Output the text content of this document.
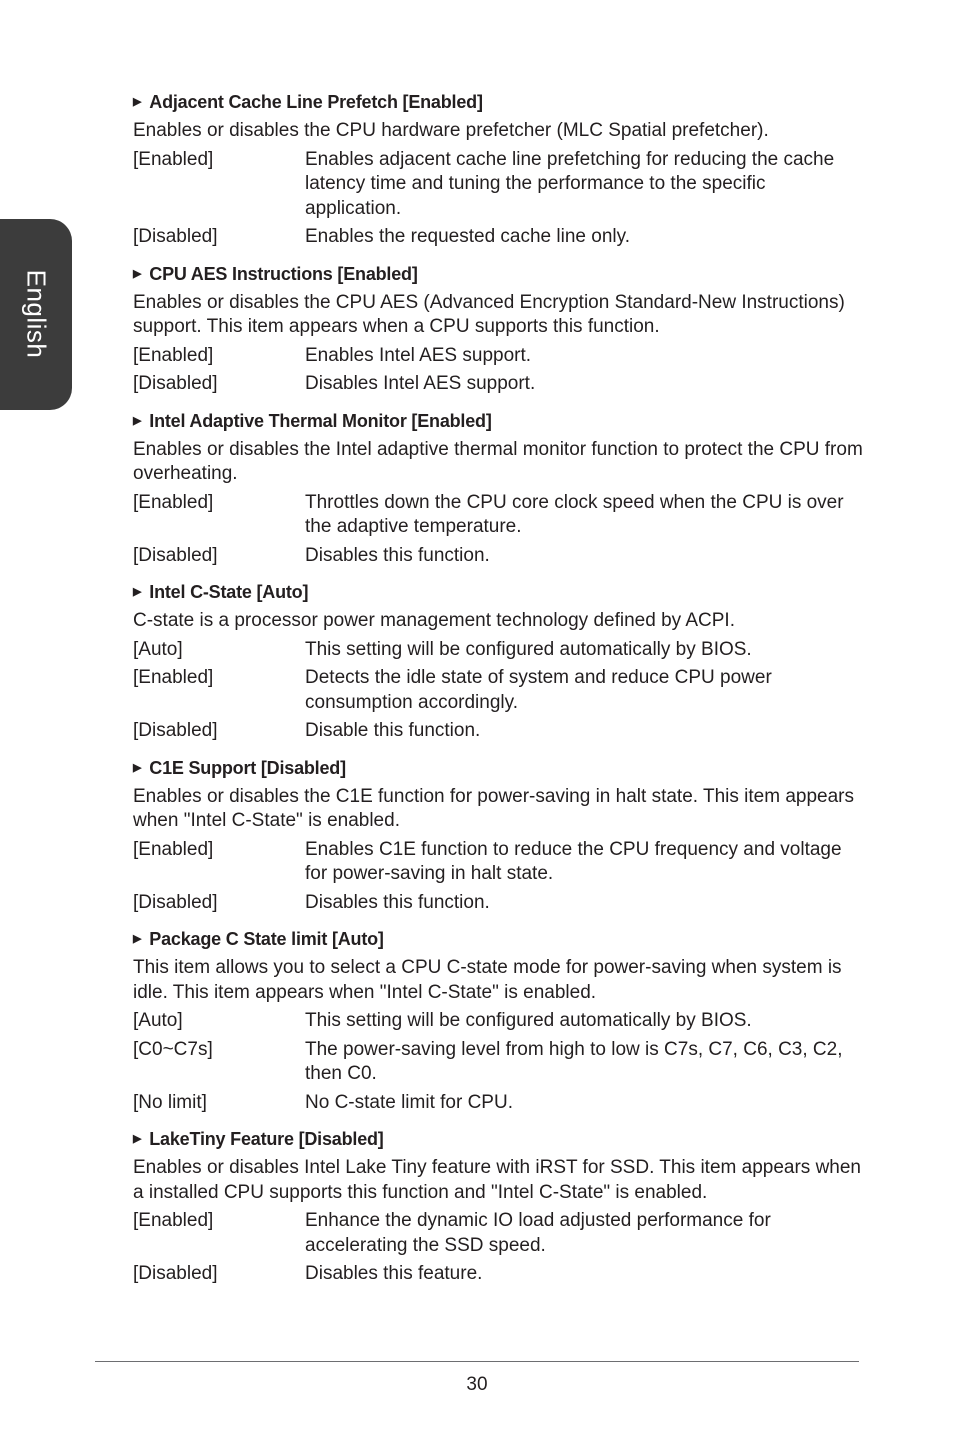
English
▶ Adjacent Cache Line Prefetch [Enabled]
Enables or disables the CPU hardware prefetcher (MLC Spatial prefetcher).
[Enabled]	Enables adjacent cache line prefetching for reducing the cache latency time and tuning the performance to the specific application.
[Disabled]	Enables the requested cache line only.
▶ CPU AES Instructions [Enabled]
Enables or disables the CPU AES (Advanced Encryption Standard-New Instructions) support. This item appears when a CPU supports this function.
[Enabled]	Enables Intel AES support.
[Disabled]	Disables Intel AES support.
▶ Intel Adaptive Thermal Monitor [Enabled]
Enables or disables the Intel adaptive thermal monitor function to protect the CPU from overheating.
[Enabled]	Throttles down the CPU core clock speed when the CPU is over the adaptive temperature.
[Disabled]	Disables this function.
▶ Intel C-State [Auto]
C-state is a processor power management technology defined by ACPI.
[Auto]	This setting will be configured automatically by BIOS.
[Enabled]	Detects the idle state of system and reduce CPU power consumption accordingly.
[Disabled]	Disable this function.
▶ C1E Support [Disabled]
Enables or disables the C1E function for power-saving in halt state. This item appears when "Intel C-State" is enabled.
[Enabled]	Enables C1E function to reduce the CPU frequency and voltage for power-saving in halt state.
[Disabled]	Disables this function.
▶ Package C State limit [Auto]
This item allows you to select a CPU C-state mode for power-saving when system is idle. This item appears when "Intel C-State" is enabled.
[Auto]	This setting will be configured automatically by BIOS.
[C0~C7s]	The power-saving level from high to low is C7s, C7, C6, C3, C2, then C0.
[No limit]	No C-state limit for CPU.
▶ LakeTiny Feature [Disabled]
Enables or disables Intel Lake Tiny feature with iRST for SSD. This item appears when a installed CPU supports this function and "Intel C-State" is enabled.
[Enabled]	Enhance the dynamic IO load adjusted performance for accelerating the SSD speed.
[Disabled]	Disables this feature.
30
